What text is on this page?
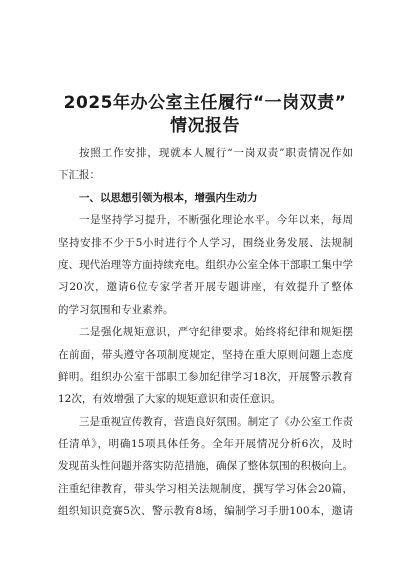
2025年办公室主任履行“一岗双责”
情况报告
按照工作安排，现就本人履行“一岗双责”职责情况作如
下汇报：
一、以思想引领为根本，增强内生动力
一是坚持学习提升，不断强化理论水平。今年以来，每周
坚持安排不少于5小时进行个人学习，围绕业务发展、法规制
度、现代治理等方面持续充电。组织办公室全体干部职工集中学
习20次，邀请6位专家学者开展专题讲座，有效提升了整体
的学习氛围和专业素养。
二是强化规矩意识，严守纪律要求。始终将纪律和规矩摆
在前面，带头遵守各项制度规定，坚持在重大原则问题上态度
鲜明。组织办公室干部职工参加纪律学习18次，开展警示教育
12次，有效增强了大家的规矩意识和责任意识。
三是重视宣传教育，营造良好氛围。制定了《办公室工作责
任清单》，明确15项具体任务。全年开展情况分析6次，及时
发现苗头性问题并落实防范措施，确保了整体氛围的积极向上。
注重纪律教育，带头学习相关法规制度，撰写学习体会20篇，
组织知识竞赛5次、警示教育8场，编制学习手册100本，邀请
